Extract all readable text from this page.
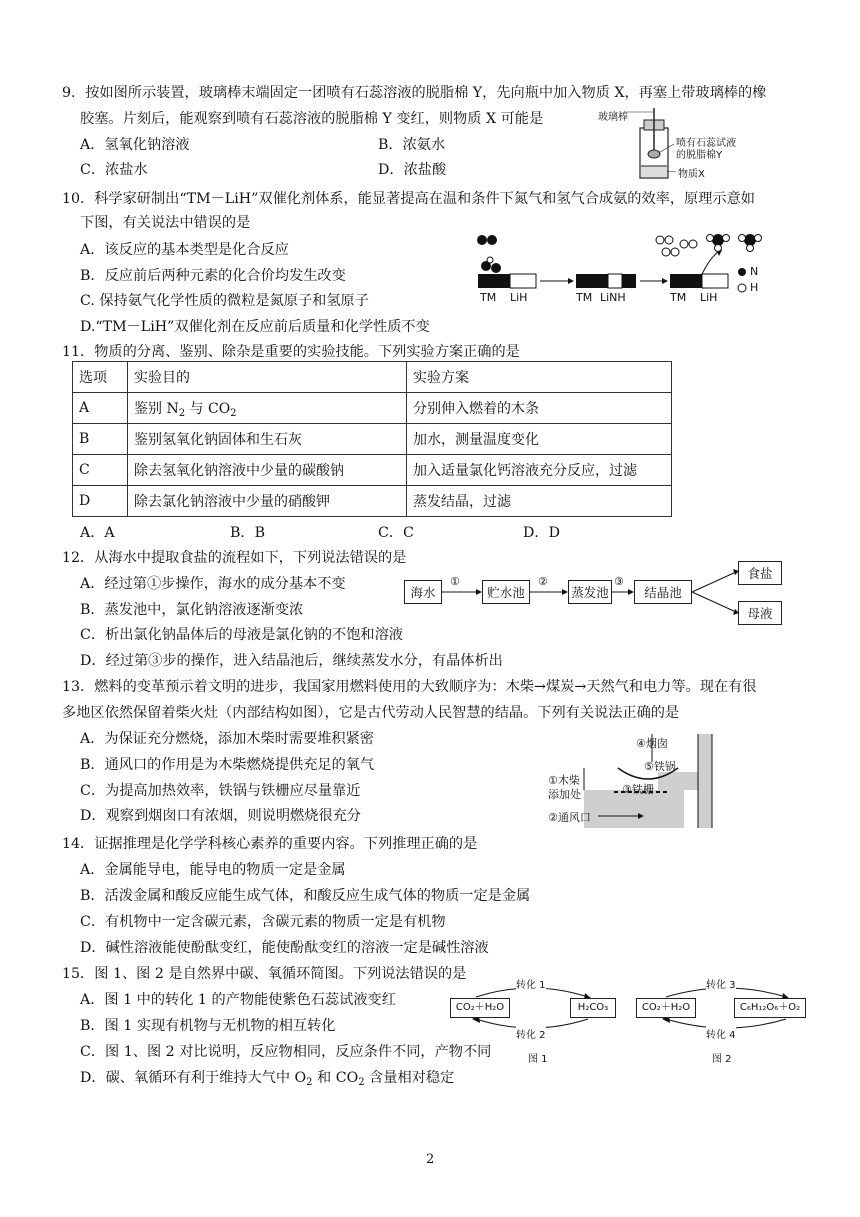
9．按如图所示装置，玻璃棒末端固定一团喷有石蕊溶液的脱脂棉 Y，先向瓶中加入物质 X，再塞上带玻璃棒的橡
胶塞。片刻后，能观察到喷有石蕊溶液的脱脂棉 Y 变红，则物质 X 可能是
A．氢氧化钠溶液	B．浓氨水
C．浓盐水	D．浓盐酸
玻璃棒
喷有石蕊试液
的脱脂棉Y
物质X
10．科学家研制出“TM－LiH”双催化剂体系，能显著提高在温和条件下氮气和氢气合成氨的效率，原理示意如
下图，有关说法中错误的是
A．该反应的基本类型是化合反应
B．反应前后两种元素的化合价均发生改变
C. 保持氨气化学性质的微粒是氮原子和氢原子
D.“TM－LiH”双催化剂在反应前后质量和化学性质不变
TM LiH	TM LiNH	TM LiH
N
H
11．物质的分离、鉴别、除杂是重要的实验技能。下列实验方案正确的是
选项	实验目的	实验方案
A	鉴别 $N_2$ 与 $CO_2$	分别伸入燃着的木条
B	鉴别氢氧化钠固体和生石灰	加水，测量温度变化
C	除去氢氧化钠溶液中少量的碳酸钠	加入适量氯化钙溶液充分反应，过滤
D	除去氯化钠溶液中少量的硝酸钾	蒸发结晶，过滤
A．A	B．B	C．C	D．D
12．从海水中提取食盐的流程如下，下列说法错误的是
A．经过第①步操作，海水的成分基本不变
B．蒸发池中，氯化钠溶液逐渐变浓
C．析出氯化钠晶体后的母液是氯化钠的不饱和溶液
D．经过第③步的操作，进入结晶池后，继续蒸发水分，有晶体析出
海水
①
贮水池
②
蒸发池
③
结晶池
食盐
母液
13．燃料的变革预示着文明的进步，我国家用燃料使用的大致顺序为：木柴→煤炭→天然气和电力等。现在有很
多地区依然保留着柴火灶（内部结构如图），它是古代劳动人民智慧的结晶。下列有关说法正确的是
A．为保证充分燃烧，添加木柴时需要堆积紧密
B．通风口的作用是为木柴燃烧提供充足的氧气
C．为提高加热效率，铁锅与铁栅应尽量靠近
D．观察到烟囱口有浓烟，则说明燃烧很充分
④烟囱
⑤铁锅
①木柴
添加处	③铁栅
②通风口
14．证据推理是化学学科核心素养的重要内容。下列推理正确的是
A．金属能导电，能导电的物质一定是金属
B．活泼金属和酸反应能生成气体，和酸反应生成气体的物质一定是金属
C．有机物中一定含碳元素，含碳元素的物质一定是有机物
D．碱性溶液能使酚酞变红，能使酚酞变红的溶液一定是碱性溶液
15．图 1、图 2 是自然界中碳、氧循环简图。下列说法错误的是
A．图 1 中的转化 1 的产物能使紫色石蕊试液变红
B．图 1 实现有机物与无机物的相互转化
C．图 1、图 2 对比说明，反应物相同，反应条件不同，产物不同
D．碳、氧循环有利于维持大气中 $O_2$ 和 $CO_2$ 含量相对稳定
转化 1
CO₂＋H₂O	H₂CO₃
转化 2
图 1
转化 3
CO₂＋H₂O	C₆H₁₂O₆＋O₂
转化 4
图 2
2
